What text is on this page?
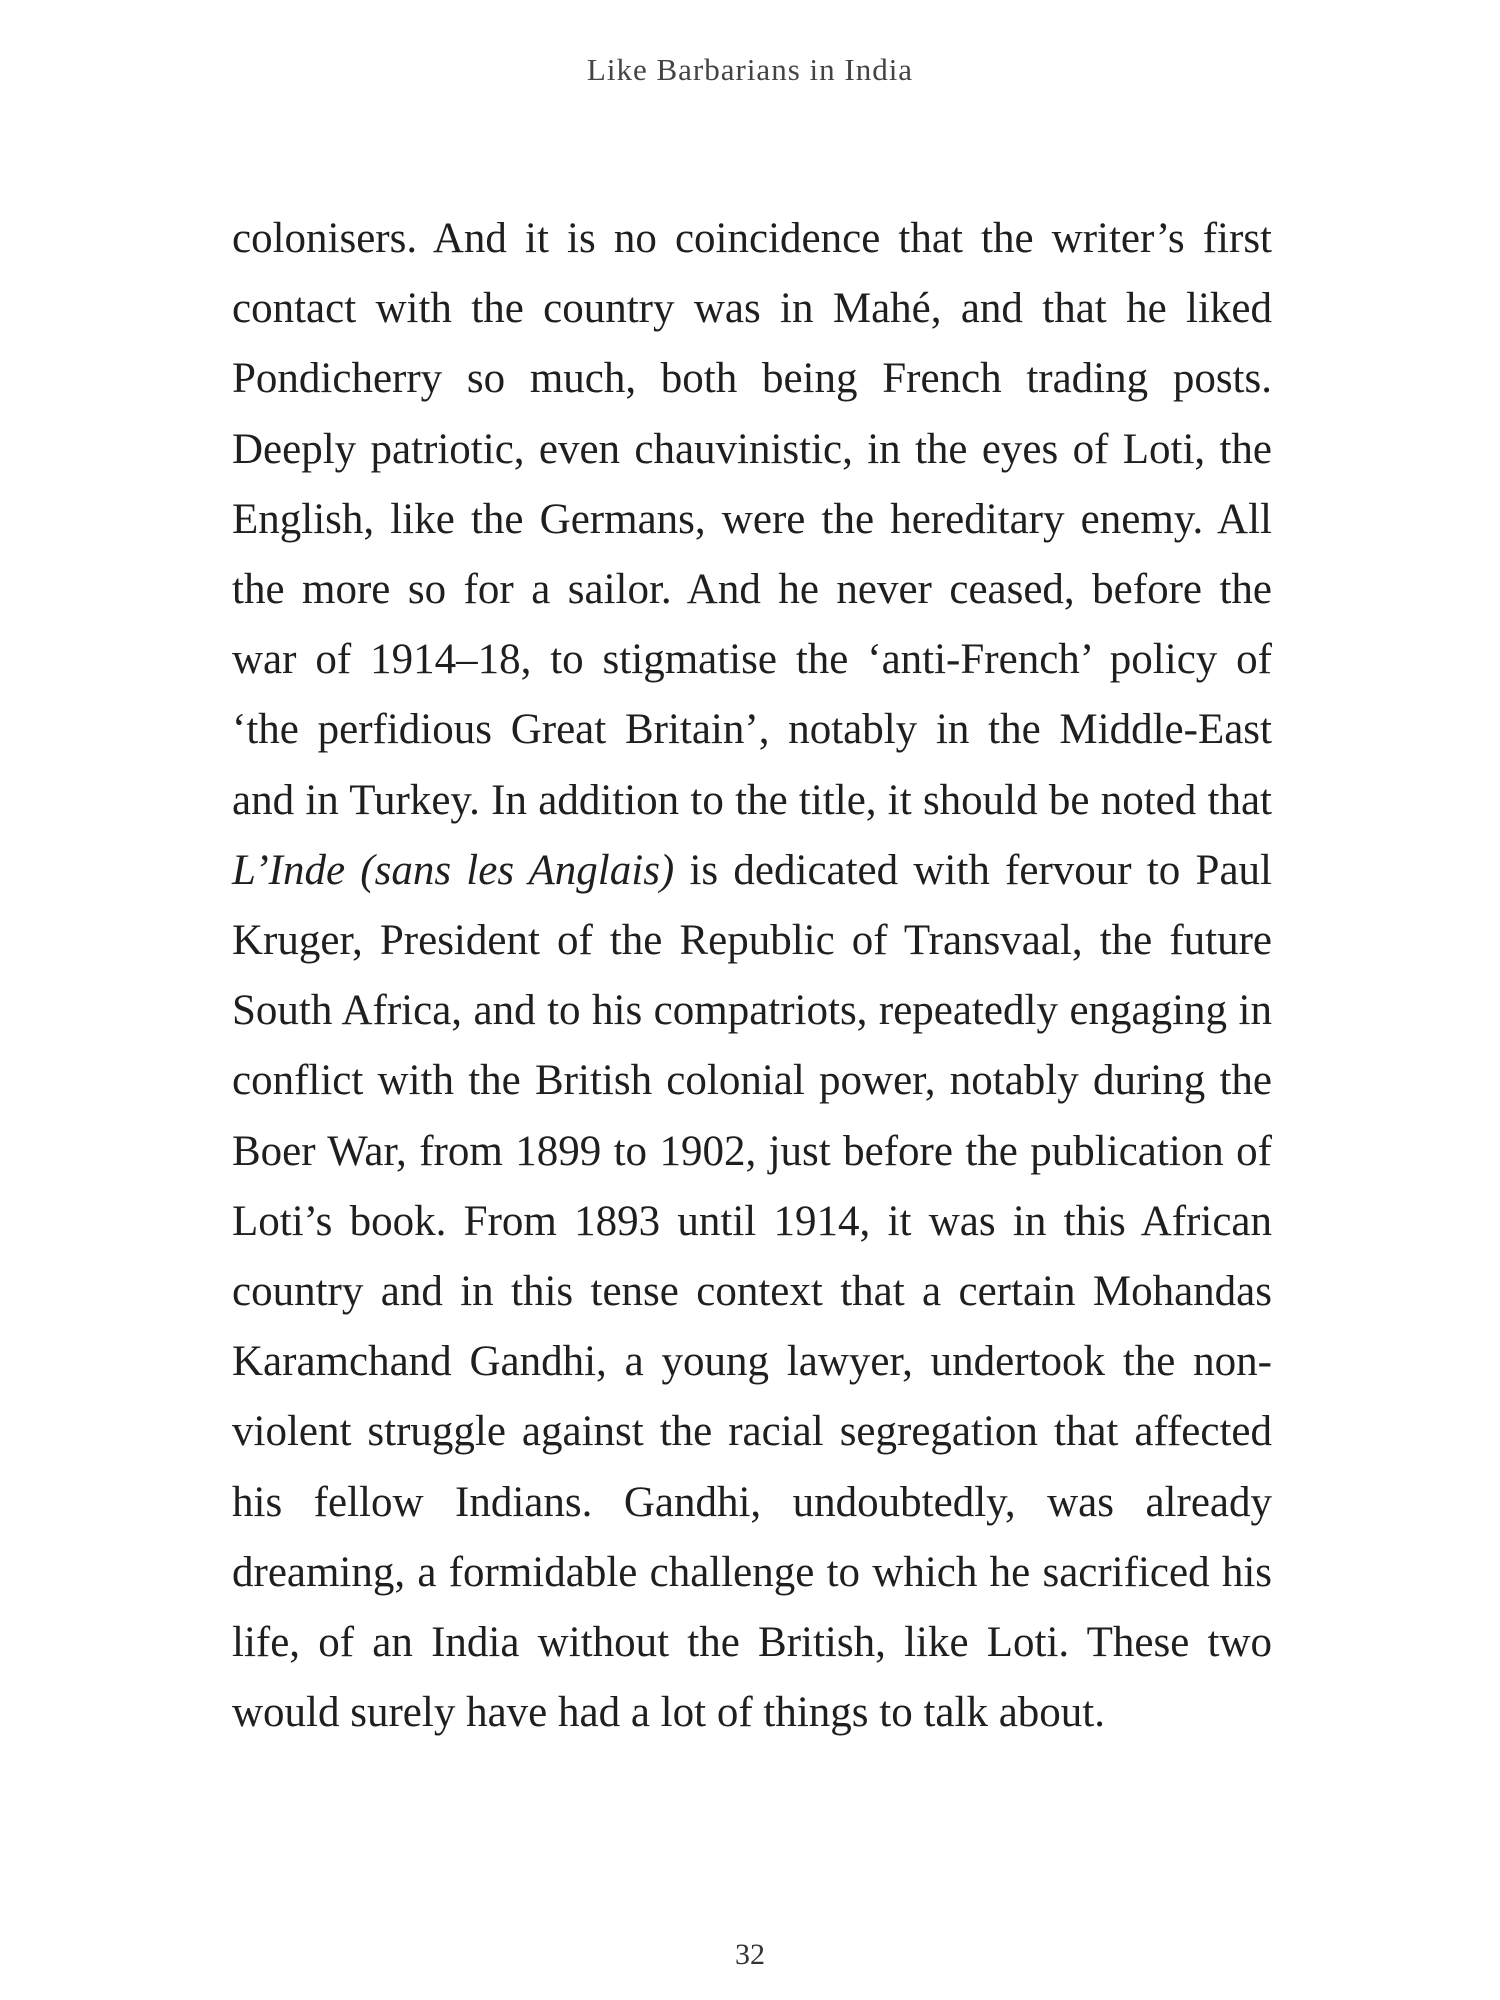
Like Barbarians in India

colonisers. And it is no coincidence that the writer’s first contact with the country was in Mahé, and that he liked Pondicherry so much, both being French trading posts. Deeply patriotic, even chauvinistic, in the eyes of Loti, the English, like the Germans, were the hereditary enemy. All the more so for a sailor. And he never ceased, before the war of 1914–18, to stigmatise the ‘anti-French’ policy of ‘the perfidious Great Britain’, notably in the Middle-East and in Turkey. In addition to the title, it should be noted that L’Inde (sans les Anglais) is dedicated with fervour to Paul Kruger, President of the Republic of Transvaal, the future South Africa, and to his compatriots, repeatedly engaging in conflict with the British colonial power, notably during the Boer War, from 1899 to 1902, just before the publication of Loti’s book. From 1893 until 1914, it was in this African country and in this tense context that a certain Mohandas Karamchand Gandhi, a young lawyer, undertook the non-violent struggle against the racial segregation that affected his fellow Indians. Gandhi, undoubtedly, was already dreaming, a formidable challenge to which he sacrificed his life, of an India without the British, like Loti. These two would surely have had a lot of things to talk about.

32
